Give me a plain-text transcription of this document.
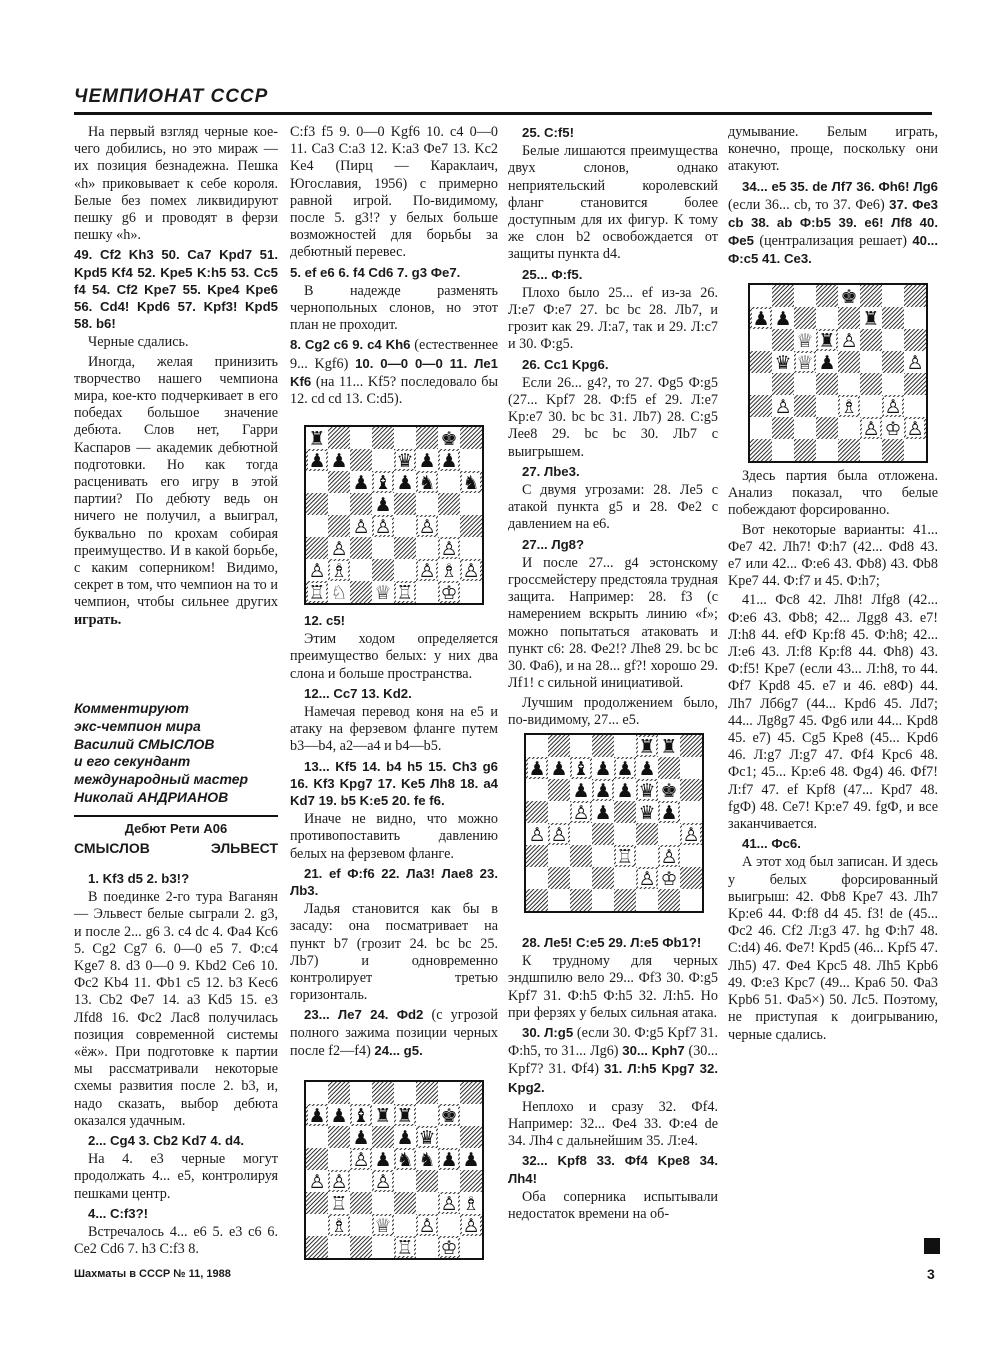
ЧЕМПИОНАТ СССР

На первый взгляд черные кое-чего добились, но это мираж — их позиция безнадежна. Пешка «h» приковывает к себе короля. Белые без помех ликвидируют пешку g6 и проводят в ферзи пешку «h».

49. Cf2 Kh3 50. Ca7 Kpd7 51. Kpd5 Kf4 52. Kpe5 K:h5 53. Cc5 f4 54. Cf2 Kpe7 55. Kpe4 Kpe6 56. Cd4! Kpd6 57. Kpf3! Kpd5 58. b6!

Черные сдались.

Иногда, желая принизить творчество нашего чемпиона мира, кое-кто подчеркивает в его победах большое значение дебюта. Слов нет, Гарри Каспаров — академик дебютной подготовки. Но как тогда расценивать его игру в этой партии? По дебюту ведь он ничего не получил, а выиграл, буквально по крохам собирая преимущество. И в какой борьбе, с каким соперником! Видимо, секрет в том, что чемпион на то и чемпион, чтобы сильнее других играть.

Комментируют
экс-чемпион мира
Василий СМЫСЛОВ
и его секундант
международный мастер
Николай АНДРИАНОВ
Дебют Рети А06
СМЫСЛОВ	ЭЛЬВЕСТ

1. Kf3 d5 2. b3!?

В поединке 2-го тура Ваганян — Эльвест белые сыграли 2. g3, и после 2... g6 3. c4 dc 4. Фа4 Кс6 5. Cg2 Cg7 6. 0—0 e5 7. Ф:c4 Kge7 8. d3 0—0 9. Kbd2 Ce6 10. Фc2 Kb4 11. Фb1 c5 12. b3 Kec6 13. Cb2 Фe7 14. a3 Kd5 15. e3 Лfd8 16. Фc2 Лac8 получилась позиция современной системы «ёж». При подготовке к партии мы рассматривали некоторые схемы развития после 2. b3, и, надо сказать, выбор дебюта оказался удачным.

2... Cg4 3. Cb2 Kd7 4. d4.

На 4. e3 черные могут продолжать 4... e5, контролируя пешками центр.

4... C:f3?!

Встречалось 4... e6 5. e3 c6 6. Ce2 Cd6 7. h3 C:f3 8.

C:f3 f5 9. 0—0 Kgf6 10. c4 0—0 11. Ca3 C:a3 12. K:a3 Фe7 13. Kc2 Ke4 (Пирц — Караклаич, Югославия, 1956) с примерно равной игрой. По-видимому, после 5. g3!? у белых больше возможностей для борьбы за дебютный перевес.

5. ef e6 6. f4 Cd6 7. g3 Фe7.

В надежде разменять чернопольных слонов, но этот план не проходит.

8. Cg2 c6 9. c4 Kh6 (естественнее 9... Kgf6) 10. 0—0 0—0 11. Лe1 Kf6 (на 11... Kf5? последовало бы 12. cd cd 13. C:d5).

♜	♚
♟ ♟	♛ ♟ ♟
♟ ♝ ♟ ♞ ♞
♟
♙ ♙ ♙
♙	♙
♙ ♗	♙ ♗ ♙
♖ ♘ ♕ ♖ ♔

12. c5!

Этим ходом определяется преимущество белых: у них два слона и больше пространства.

12... Cc7 13. Kd2.

Намечая перевод коня на e5 и атаку на ферзевом фланге путем b3—b4, a2—a4 и b4—b5.

13... Kf5 14. b4 h5 15. Ch3 g6 16. Kf3 Kpg7 17. Ke5 Лh8 18. a4 Kd7 19. b5 K:e5 20. fe f6.

Иначе не видно, что можно противопоставить давлению белых на ферзевом фланге.

21. ef Ф:f6 22. Ла3! Лаe8 23. Лb3.

Ладья становится как бы в засаду: она посматривает на пункт b7 (грозит 24. bc bc 25. Лb7) и одновременно контролирует третью горизонталь.

23... Лe7 24. Фd2 (с угрозой полного зажима позиции черных после f2—f4) 24... g5.

♟ ♟ ♝ ♜ ♜ ♚
♟ ♟ ♛
♙ ♟ ♞ ♞ ♟ ♟
♙ ♙ ♙
♖	♙ ♗
♗ ♕ ♙ ♙
♖ ♔

25. C:f5!

Белые лишаются преимущества двух слонов, однако неприятельский королевский фланг становится более доступным для их фигур. К тому же слон b2 освобождается от защиты пункта d4.

25... Ф:f5.

Плохо было 25... ef из-за 26. Л:e7 Ф:e7 27. bc bc 28. Лb7, и грозит как 29. Л:a7, так и 29. Л:c7 и 30. Ф:g5.

26. Cc1 Kpg6.

Если 26... g4?, то 27. Фg5 Ф:g5 (27... Kpf7 28. Ф:f5 ef 29. Л:e7 Kp:e7 30. bc bc 31. Лb7) 28. C:g5 Лee8 29. bc bc 30. Лb7 с выигрышем.

27. Лbe3.

С двумя угрозами: 28. Лe5 с атакой пункта g5 и 28. Фe2 с давлением на e6.

27... Лg8?

И после 27... g4 эстонскому гроссмейстеру предстояла трудная защита. Например: 28. f3 (с намерением вскрыть линию «f»; можно попытаться атаковать и пункт c6: 28. Фe2!? Лhe8 29. bc bc 30. Фa6), и на 28... gf?! хорошо 29. Лf1! с сильной инициативой.

Лучшим продолжением было, по-видимому, 27... e5.

♜ ♜
♟ ♟ ♝ ♟ ♟ ♟
♟ ♟ ♟ ♛ ♚
♙ ♟ ♛ ♟
♙ ♙	♙
♖ ♙
♙ ♔

28. Лe5! C:e5 29. Л:e5 Фb1?!

К трудному для черных эндшпилю вело 29... Фf3 30. Ф:g5 Kpf7 31. Ф:h5 Ф:h5 32. Л:h5. Но при ферзях у белых сильная атака.

30. Л:g5 (если 30. Ф:g5 Kpf7 31. Ф:h5, то 31... Лg6) 30... Kph7 (30... Kpf7? 31. Фf4) 31. Л:h5 Kpg7 32. Kpg2.

Неплохо и сразу 32. Фf4. Например: 32... Фe4 33. Ф:e4 de 34. Лh4 с дальнейшим 35. Л:e4.

32... Kpf8 33. Фf4 Kpe8 34. Лh4!

Оба соперника испытывали недостаток времени на об-

думывание. Белым играть, конечно, проще, поскольку они атакуют.

34... e5 35. de Лf7 36. Фh6! Лg6 (если 36... cb, то 37. Фe6) 37. Фe3 cb 38. ab Ф:b5 39. e6! Лf8 40. Фe5 (централизация решает) 40... Ф:c5 41. Ce3.

♚
♟ ♟	♜
♕ ♜ ♙
♛ ♕ ♟	♙
♙	♗ ♙
♙ ♔ ♙

Здесь партия была отложена. Анализ показал, что белые побеждают форсированно.

Вот некоторые варианты: 41... Фe7 42. Лh7! Ф:h7 (42... Фd8 43. e7 или 42... Ф:e6 43. Фb8) 43. Фb8 Kpe7 44. Ф:f7 и 45. Ф:h7;

41... Фc8 42. Лh8! Лfg8 (42... Ф:e6 43. Фb8; 42... Лgg8 43. e7! Л:h8 44. efФ Kp:f8 45. Ф:h8; 42... Л:e6 43. Л:f8 Kp:f8 44. Фh8) 43. Ф:f5! Kpe7 (если 43... Л:h8, то 44. Фf7 Kpd8 45. e7 и 46. e8Ф) 44. Лh7 Лб6g7 (44... Kpd6 45. Лd7; 44... Лg8g7 45. Фg6 или 44... Kpd8 45. e7) 45. Cg5 Kpe8 (45... Kpd6 46. Л:g7 Л:g7 47. Фf4 Kpc6 48. Фc1; 45... Kp:e6 48. Фg4) 46. Фf7! Л:f7 47. ef Kpf8 (47... Kpd7 48. fgФ) 48. Ce7! Kp:e7 49. fgФ, и все заканчивается.

41... Фc6.

А этот ход был записан. И здесь у белых форсированный выигрыш: 42. Фb8 Kpe7 43. Лh7 Kp:e6 44. Ф:f8 d4 45. f3! de (45... Фc2 46. Cf2 Л:g3 47. hg Ф:h7 48. C:d4) 46. Фe7! Kpd5 (46... Kpf5 47. Лh5) 47. Фe4 Kpc5 48. Лh5 Kpb6 49. Ф:e3 Kpc7 (49... Kpa6 50. Фa3 Kpb6 51. Фa5×) 50. Лc5. Поэтому, не приступая к доигрыванию, черные сдались.

Шахматы в СССР № 11, 1988	3
